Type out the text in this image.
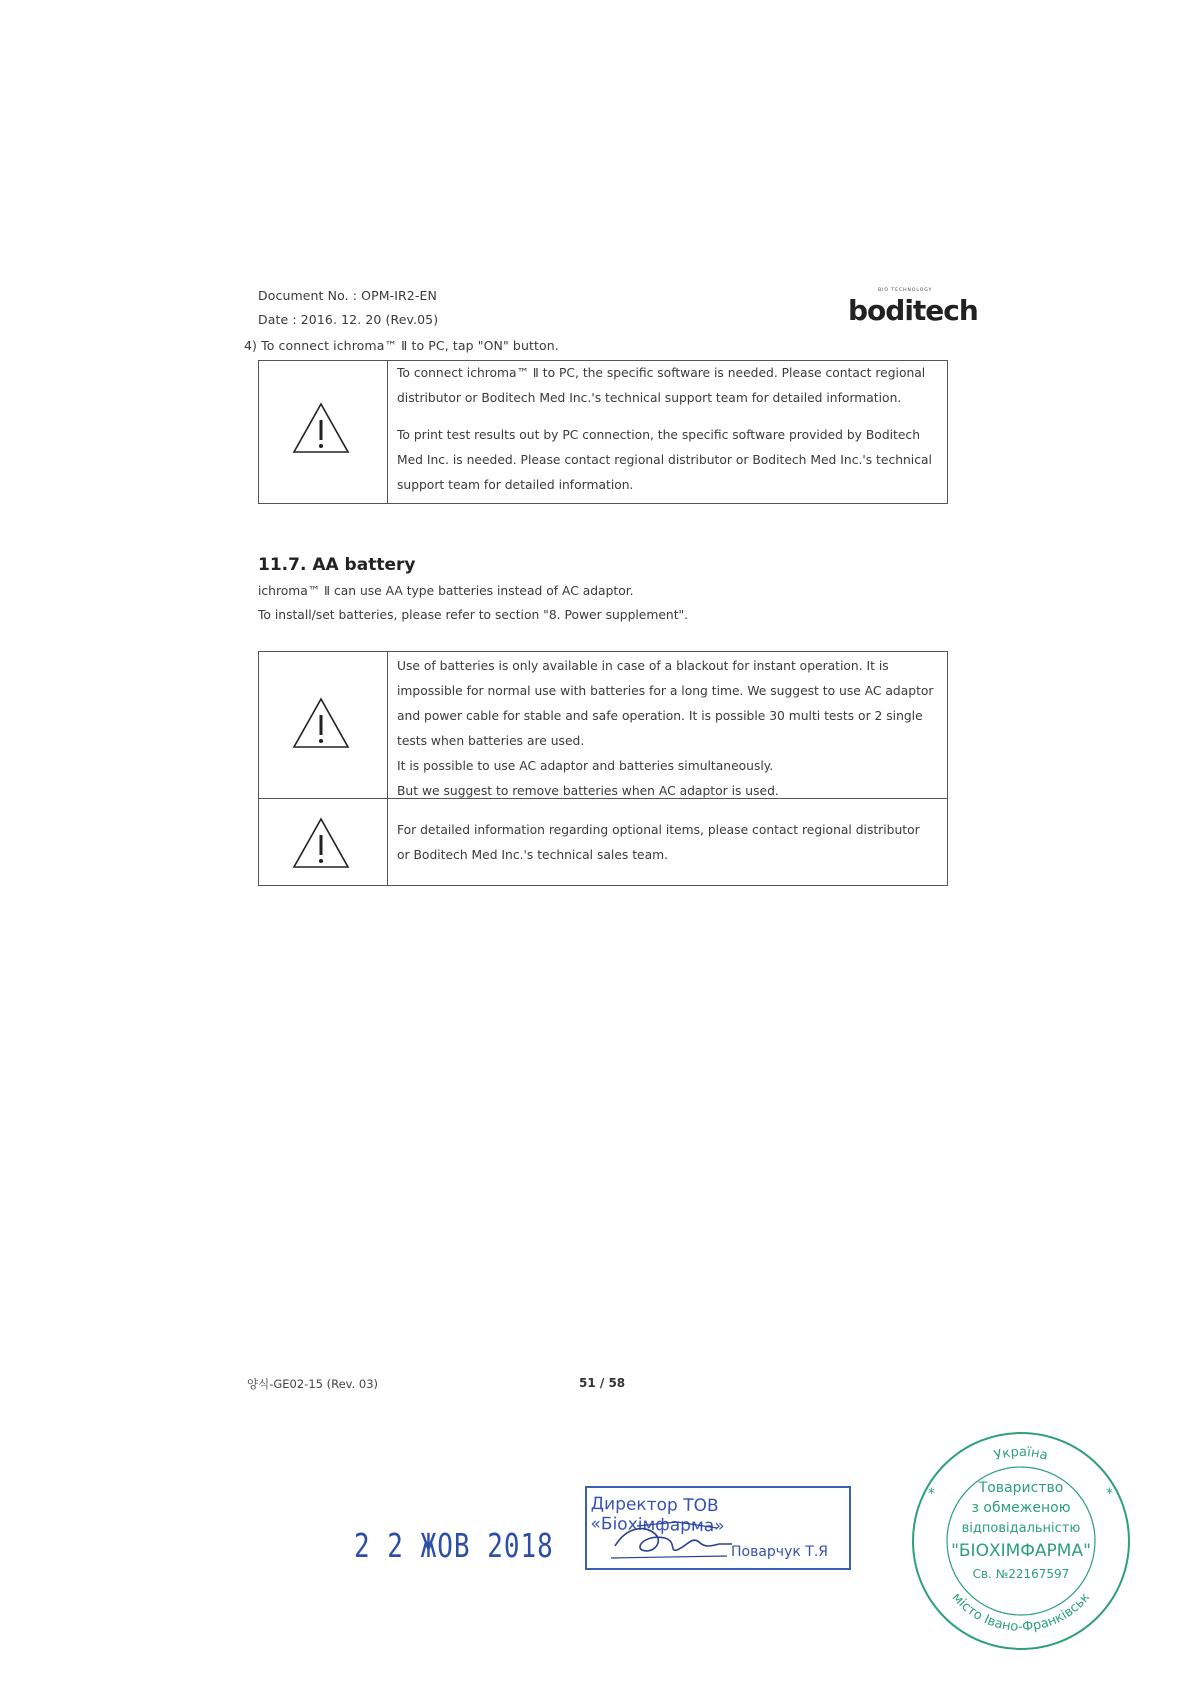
Document No. : OPM-IR2-EN
Date : 2016. 12. 20 (Rev.05)
BIO TECHNOLOGY
boditech
4) To connect ichroma™ Ⅱ to PC, tap "ON" button.

To connect ichroma™ Ⅱ to PC, the specific software is needed. Please contact regional

distributor or Boditech Med Inc.'s technical support team for detailed information.

To print test results out by PC connection, the specific software provided by Boditech

Med Inc. is needed. Please contact regional distributor or Boditech Med Inc.'s technical

support team for detailed information.

11.7. AA battery
ichroma™ Ⅱ can use AA type batteries instead of AC adaptor.
To install/set batteries, please refer to section "8. Power supplement".

Use of batteries is only available in case of a blackout for instant operation. It is

impossible for normal use with batteries for a long time. We suggest to use AC adaptor

and power cable for stable and safe operation. It is possible 30 multi tests or 2 single

tests when batteries are used.

It is possible to use AC adaptor and batteries simultaneously.

But we suggest to remove batteries when AC adaptor is used.

For detailed information regarding optional items, please contact regional distributor

or Boditech Med Inc.'s technical sales team.

양식-GE02-15 (Rev. 03)	51 / 58
2 2 ЖОВ 2018
Директор ТОВ «Біохімфарма»
Поварчук Т.Я
Україна
місто Івано-Франківськ
*	*
Товариство
з обмеженою
відповідальністю
"БІОХІМФАРМА"
Св. №22167597
